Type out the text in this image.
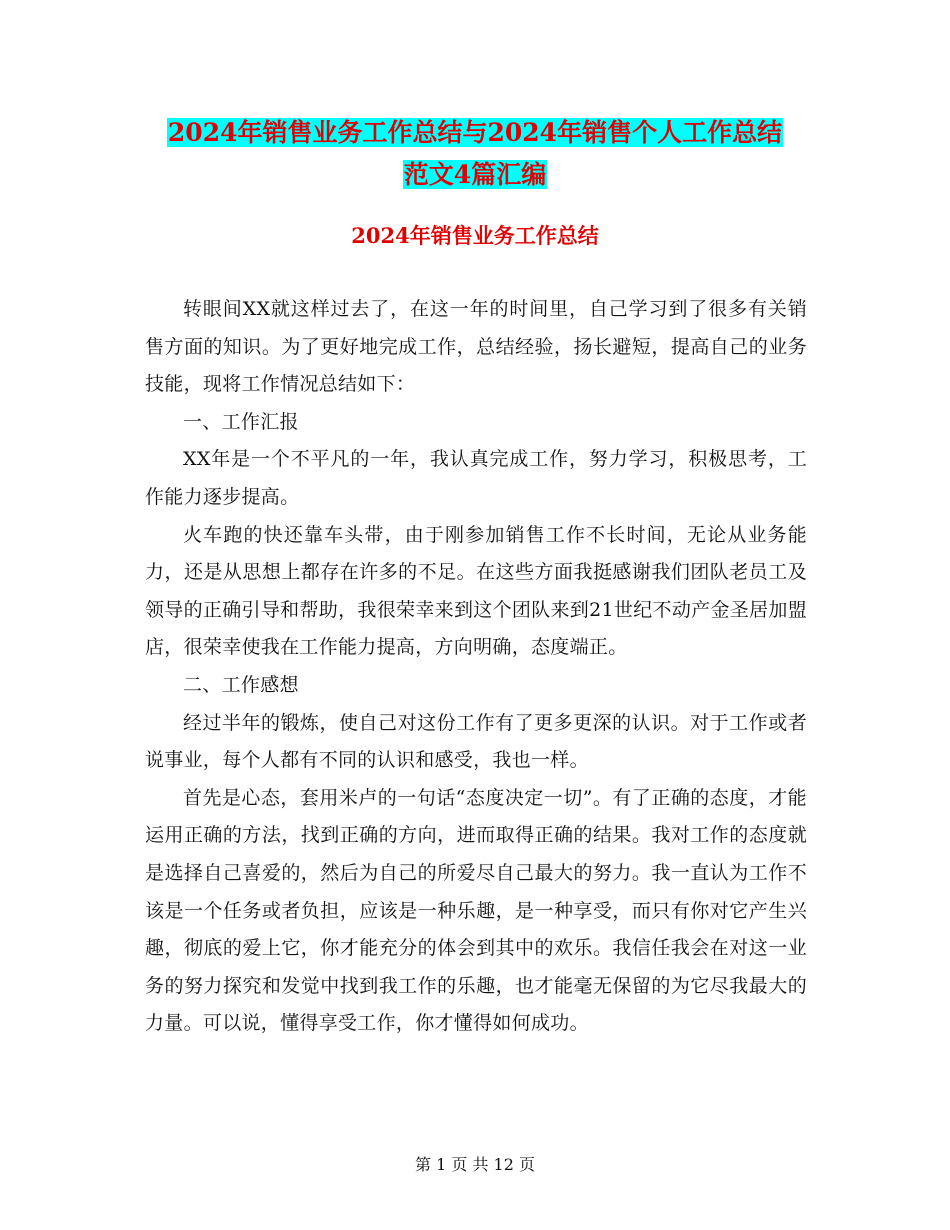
2024年销售业务工作总结与2024年销售个人工作总结
范文4篇汇编
2024年销售业务工作总结

转眼间XX就这样过去了，在这一年的时间里，自己学习到了很多有关销售方面的知识。为了更好地完成工作，总结经验，扬长避短，提高自己的业务技能，现将工作情况总结如下：

一、工作汇报

XX年是一个不平凡的一年，我认真完成工作，努力学习，积极思考，工作能力逐步提高。

火车跑的快还靠车头带，由于刚参加销售工作不长时间，无论从业务能力，还是从思想上都存在许多的不足。在这些方面我挺感谢我们团队老员工及领导的正确引导和帮助，我很荣幸来到这个团队来到21世纪不动产金圣居加盟店，很荣幸使我在工作能力提高，方向明确，态度端正。

二、工作感想

经过半年的锻炼，使自己对这份工作有了更多更深的认识。对于工作或者说事业，每个人都有不同的认识和感受，我也一样。

首先是心态，套用米卢的一句话“态度决定一切”。有了正确的态度，才能运用正确的方法，找到正确的方向，进而取得正确的结果。我对工作的态度就是选择自己喜爱的，然后为自己的所爱尽自己最大的努力。我一直认为工作不该是一个任务或者负担，应该是一种乐趣，是一种享受，而只有你对它产生兴趣，彻底的爱上它，你才能充分的体会到其中的欢乐。我信任我会在对这一业务的努力探究和发觉中找到我工作的乐趣，也才能毫无保留的为它尽我最大的力量。可以说，懂得享受工作，你才懂得如何成功。

第 1 页 共 12 页
